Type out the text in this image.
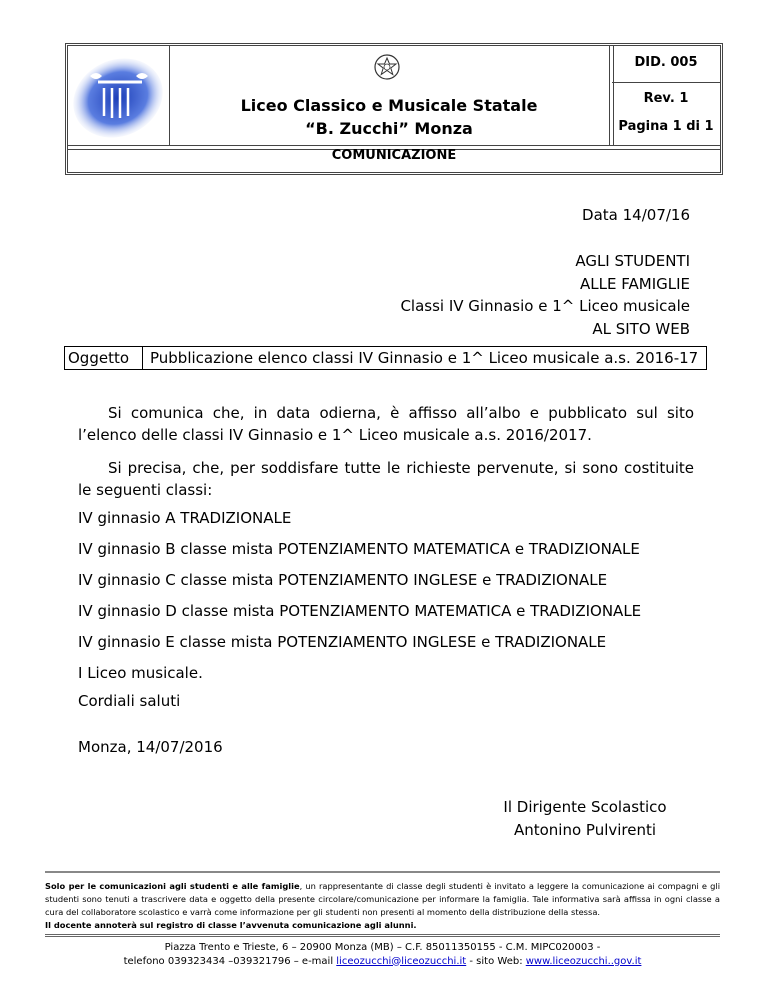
Liceo Classico e Musicale Statale
“B. Zucchi” Monza
DID. 005
Rev. 1
Pagina 1 di 1
COMUNICAZIONE
Data 14/07/16
AGLI STUDENTI
ALLE FAMIGLIE
Classi IV Ginnasio e 1^ Liceo musicale
AL SITO WEB
Oggetto	Pubblicazione elenco classi IV Ginnasio e 1^ Liceo musicale a.s. 2016-17

Si comunica che, in data odierna, è affisso all’albo e pubblicato sul sito l’elenco delle classi IV Ginnasio e 1^ Liceo musicale a.s. 2016/2017.

Si precisa, che, per soddisfare tutte le richieste pervenute, si sono costituite le seguenti classi:

IV ginnasio A TRADIZIONALE
IV ginnasio B classe mista POTENZIAMENTO MATEMATICA e TRADIZIONALE
IV ginnasio C classe mista POTENZIAMENTO INGLESE e TRADIZIONALE
IV ginnasio D classe mista POTENZIAMENTO MATEMATICA e TRADIZIONALE
IV ginnasio E classe mista POTENZIAMENTO INGLESE e TRADIZIONALE
I Liceo musicale.
Cordiali saluti
Monza, 14/07/2016
Il Dirigente Scolastico
Antonino Pulvirenti
Solo per le comunicazioni agli studenti e alle famiglie, un rappresentante di classe degli studenti è invitato a leggere la comunicazione ai compagni e gli studenti sono tenuti a trascrivere data e oggetto della presente circolare/comunicazione per informare la famiglia. Tale informativa sarà affissa in ogni classe a cura del collaboratore scolastico e varrà come informazione per gli studenti non presenti al momento della distribuzione della stessa.
Il docente annoterà sul registro di classe l’avvenuta comunicazione agli alunni.
Piazza Trento e Trieste, 6 – 20900 Monza (MB) – C.F. 85011350155 - C.M. MIPC020003 -
telefono 039323434 –039321796 – e-mail liceozucchi@liceozucchi.it - sito Web: www.liceozucchi..gov.it
